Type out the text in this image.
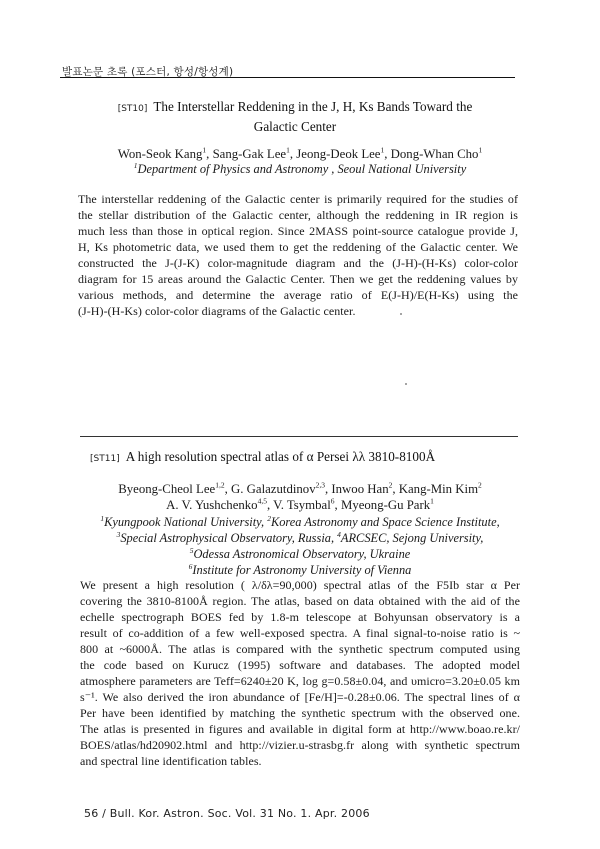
발표논문 초록 (포스터, 항성/항성계)
[ST10] The Interstellar Reddening in the J, H, Ks Bands Toward the
Galactic Center
Won-Seok Kang$^1$, Sang-Gak Lee$^1$, Jeong-Deok Lee$^1$, Dong-Whan Cho$^1$
$^1$Department of Physics and Astronomy , Seoul National University
The interstellar reddening of the Galactic center is primarily required for the studies of
the stellar distribution of the Galactic center, although the reddening in IR region is
much less than those in optical region. Since 2MASS point-source catalogue provide J,
H, Ks photometric data, we used them to get the reddening of the Galactic center. We
constructed the J-(J-K) color-magnitude diagram and the (J-H)-(H-Ks) color-color
diagram for 15 areas around the Galactic Center. Then we get the reddening values by
various methods, and determine the average ratio of E(J-H)/E(H-Ks) using the
(J-H)-(H-Ks) color-color diagrams of the Galactic center.
[ST11] A high resolution spectral atlas of α Persei λλ 3810-8100Å
Byeong-Cheol Lee$^{1,2}$, G. Galazutdinov$^{2,3}$, Inwoo Han$^2$, Kang-Min Kim$^2$
A. V. Yushchenko$^{4,5}$, V. Tsymbal$^6$, Myeong-Gu Park$^1$
$^1$Kyungpook National University, $^2$Korea Astronomy and Space Science Institute,
$^3$Special Astrophysical Observatory, Russia, $^4$ARCSEC, Sejong University,
$^5$Odessa Astronomical Observatory, Ukraine
$^6$Institute for Astronomy University of Vienna
We present a high resolution ( λ/δλ=90,000) spectral atlas of the F5Ib star α Per
covering the 3810-8100Å region. The atlas, based on data obtained with the aid of the
echelle spectrograph BOES fed by 1.8-m telescope at Bohyunsan observatory is a
result of co-addition of a few well-exposed spectra. A final signal-to-noise ratio is ~
800 at ~6000Å. The atlas is compared with the synthetic spectrum computed using
the code based on Kurucz (1995) software and databases. The adopted model
atmosphere parameters are Teff=6240±20 K, log g=0.58±0.04, and υmicro=3.20±0.05 km
s⁻¹. We also derived the iron abundance of [Fe/H]=-0.28±0.06. The spectral lines of α
Per have been identified by matching the synthetic spectrum with the observed one.
The atlas is presented in figures and available in digital form at http://www.boao.re.kr/
BOES/atlas/hd20902.html and http://vizier.u-strasbg.fr along with synthetic spectrum
and spectral line identification tables.
56 / Bull. Kor. Astron. Soc. Vol. 31 No. 1. Apr. 2006
